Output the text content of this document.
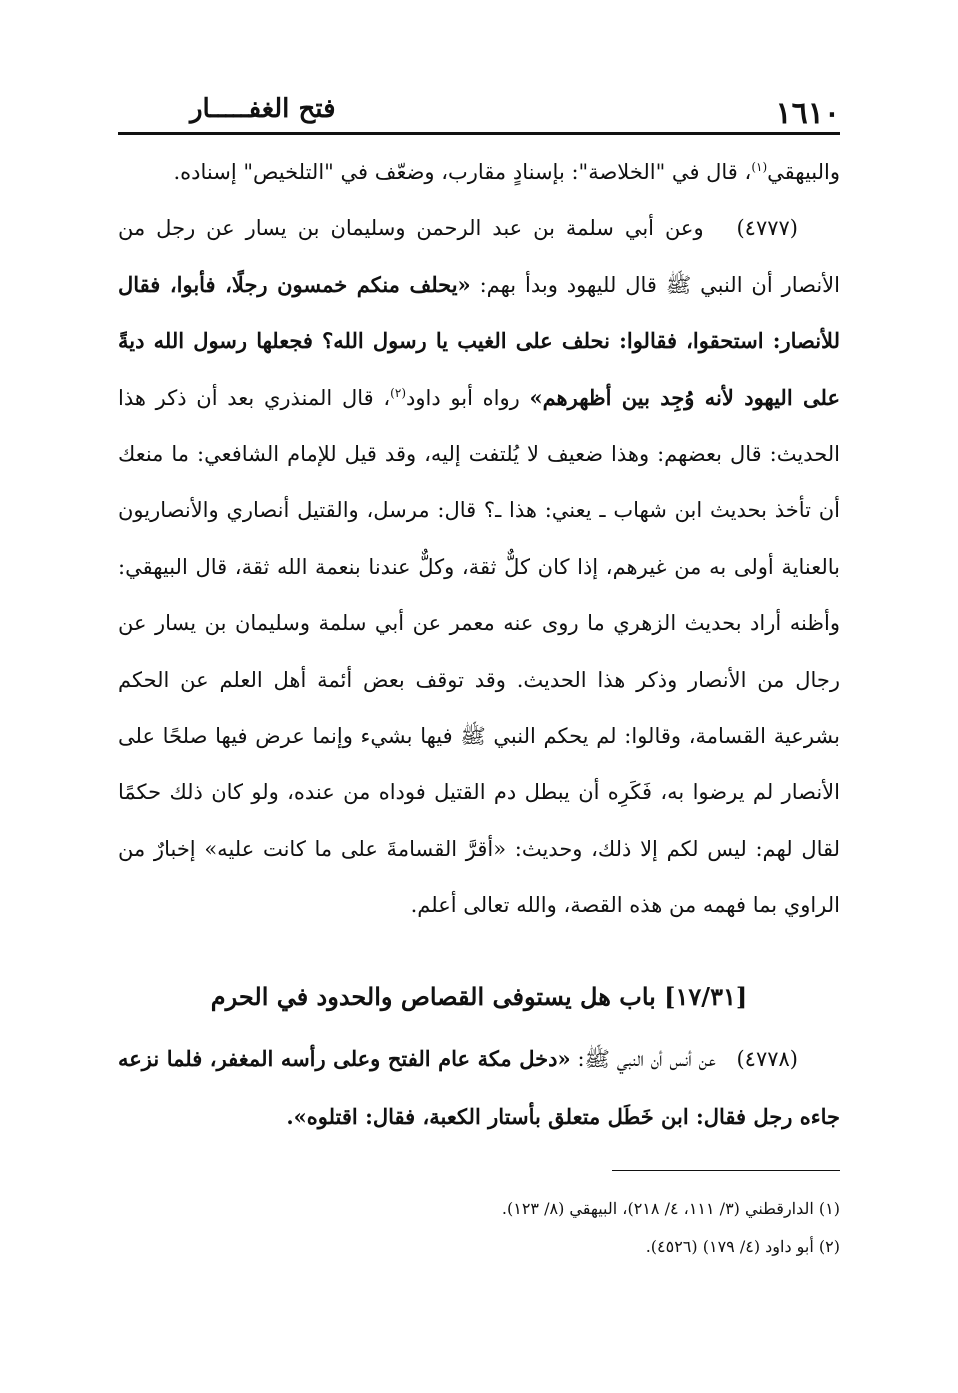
١٦١٠
فتح الغفـــــار

والبيهقي$^{(١)}$، قال في "الخلاصة": بإسنادٍ مقارب، وضعّف في "التلخيص" إسناده.

(٤٧٧٧)   وعن أبي سلمة بن عبد الرحمن وسليمان بن يسار عن رجل من الأنصار أن النبي ﷺ قال لليهود وبدأ بهم: «يحلف منكم خمسون رجلًا، فأبوا، فقال للأنصار: استحقوا، فقالوا: نحلف على الغيب يا رسول الله؟ فجعلها رسول الله ديةً على اليهود لأنه وُجِد بين أظهرهم» رواه أبو داود$^{(٢)}$، قال المنذري بعد أن ذكر هذا الحديث: قال بعضهم: وهذا ضعيف لا يُلتفت إليه، وقد قيل للإمام الشافعي: ما منعك أن تأخذ بحديث ابن شهاب ـ يعني: هذا ـ؟ قال: مرسل، والقتيل أنصاري والأنصاريون بالعناية أولى به من غيرهم، إذا كان كلٌّ ثقة، وكلٌّ عندنا بنعمة الله ثقة، قال البيهقي: وأظنه أراد بحديث الزهري ما روى عنه معمر عن أبي سلمة وسليمان بن يسار عن رجال من الأنصار وذكر هذا الحديث. وقد توقف بعض أئمة أهل العلم عن الحكم بشرعية القسامة، وقالوا: لم يحكم النبي ﷺ فيها بشيء وإنما عرض فيها صلحًا على الأنصار لم يرضوا به، فَكَرِه أن يبطل دم القتيل فوداه من عنده، ولو كان ذلك حكمًا لقال لهم: ليس لكم إلا ذلك، وحديث: «أقرَّ القسامةَ على ما كانت عليه» إخبارٌ من الراوي بما فهمه من هذه القصة، والله تعالى أعلم.

[١٧/٣١] باب هل يستوفى القصاص والحدود في الحرم

(٤٧٧٨)   عن أنس أن النبي ﷺ: «دخل مكة عام الفتح وعلى رأسه المغفر، فلما نزعه جاءه رجل فقال: ابن خَطَل متعلق بأستار الكعبة، فقال: اقتلوه».

(١) الدارقطني (٣/ ١١١، ٤/ ٢١٨)، البيهقي (٨/ ١٢٣).
(٢) أبو داود (٤/ ١٧٩) (٤٥٢٦).
